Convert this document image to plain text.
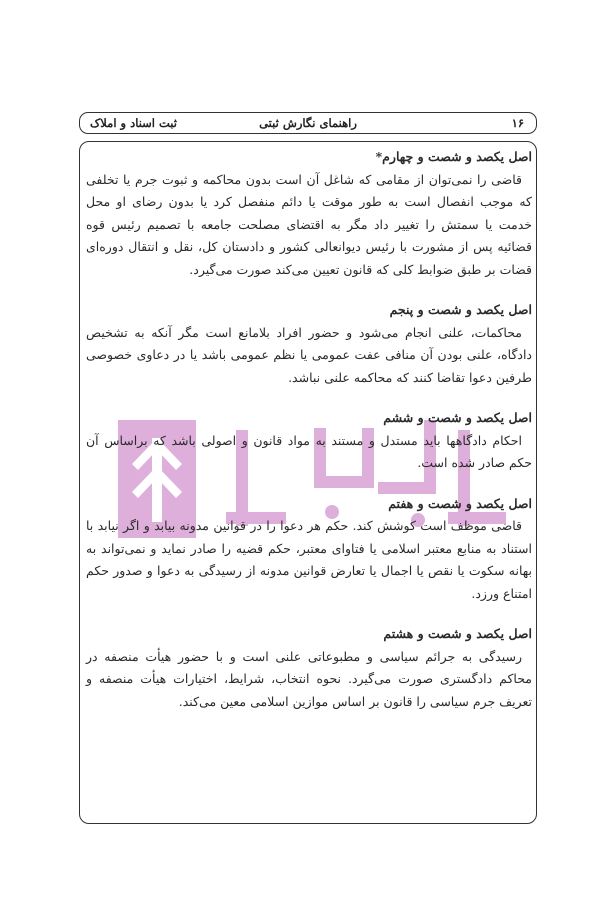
۱۶
راهنمای نگارش ثبتی
ثبت اسناد و املاک

اصل یکصد و شصت و چهارم*

قاضی را نمی‌توان از مقامی که شاغل آن است بدون محاکمه و ثبوت جرم یا تخلفی که موجب انفصال است به طور موقت یا دائم منفصل کرد یا بدون رضای او محل خدمت یا سمتش را تغییر داد مگر به اقتضای مصلحت جامعه با تصمیم رئیس قوه قضائیه پس از مشورت با رئیس دیوانعالی کشور و دادستان کل، نقل و انتقال دوره‌ای قضات بر طبق ضوابط کلی که قانون تعیین می‌کند صورت می‌گیرد.

اصل یکصد و شصت و پنجم

محاکمات، علنی انجام می‌شود و حضور افراد بلامانع است مگر آنکه به تشخیص دادگاه، علنی بودن آن منافی عفت عمومی یا نظم عمومی باشد یا در دعاوی خصوصی طرفین دعوا تقاضا کنند که محاکمه علنی نباشد.

اصل یکصد و شصت و ششم

احکام دادگاهها باید مستدل و مستند به مواد قانون و اصولی باشد که براساس آن حکم صادر شده است.

اصل یکصد و شصت و هفتم

قاضی موظف است کوشش کند. حکم هر دعوا را در قوانین مدونه بیابد و اگر نیابد با استناد به منابع معتبر اسلامی یا فتاوای معتبر، حکم قضیه را صادر نماید و نمی‌تواند به بهانه سکوت یا نقص یا اجمال یا تعارض قوانین مدونه از رسیدگی به دعوا و صدور حکم امتناع ورزد.

اصل یکصد و شصت و هشتم

رسیدگی به جرائم سیاسی و مطبوعاتی علنی است و با حضور هیأت منصفه در محاکم دادگستری صورت می‌گیرد. نحوه انتخاب، شرایط، اختیارات هیأت منصفه و تعریف جرم سیاسی را قانون بر اساس موازین اسلامی معین می‌کند.
